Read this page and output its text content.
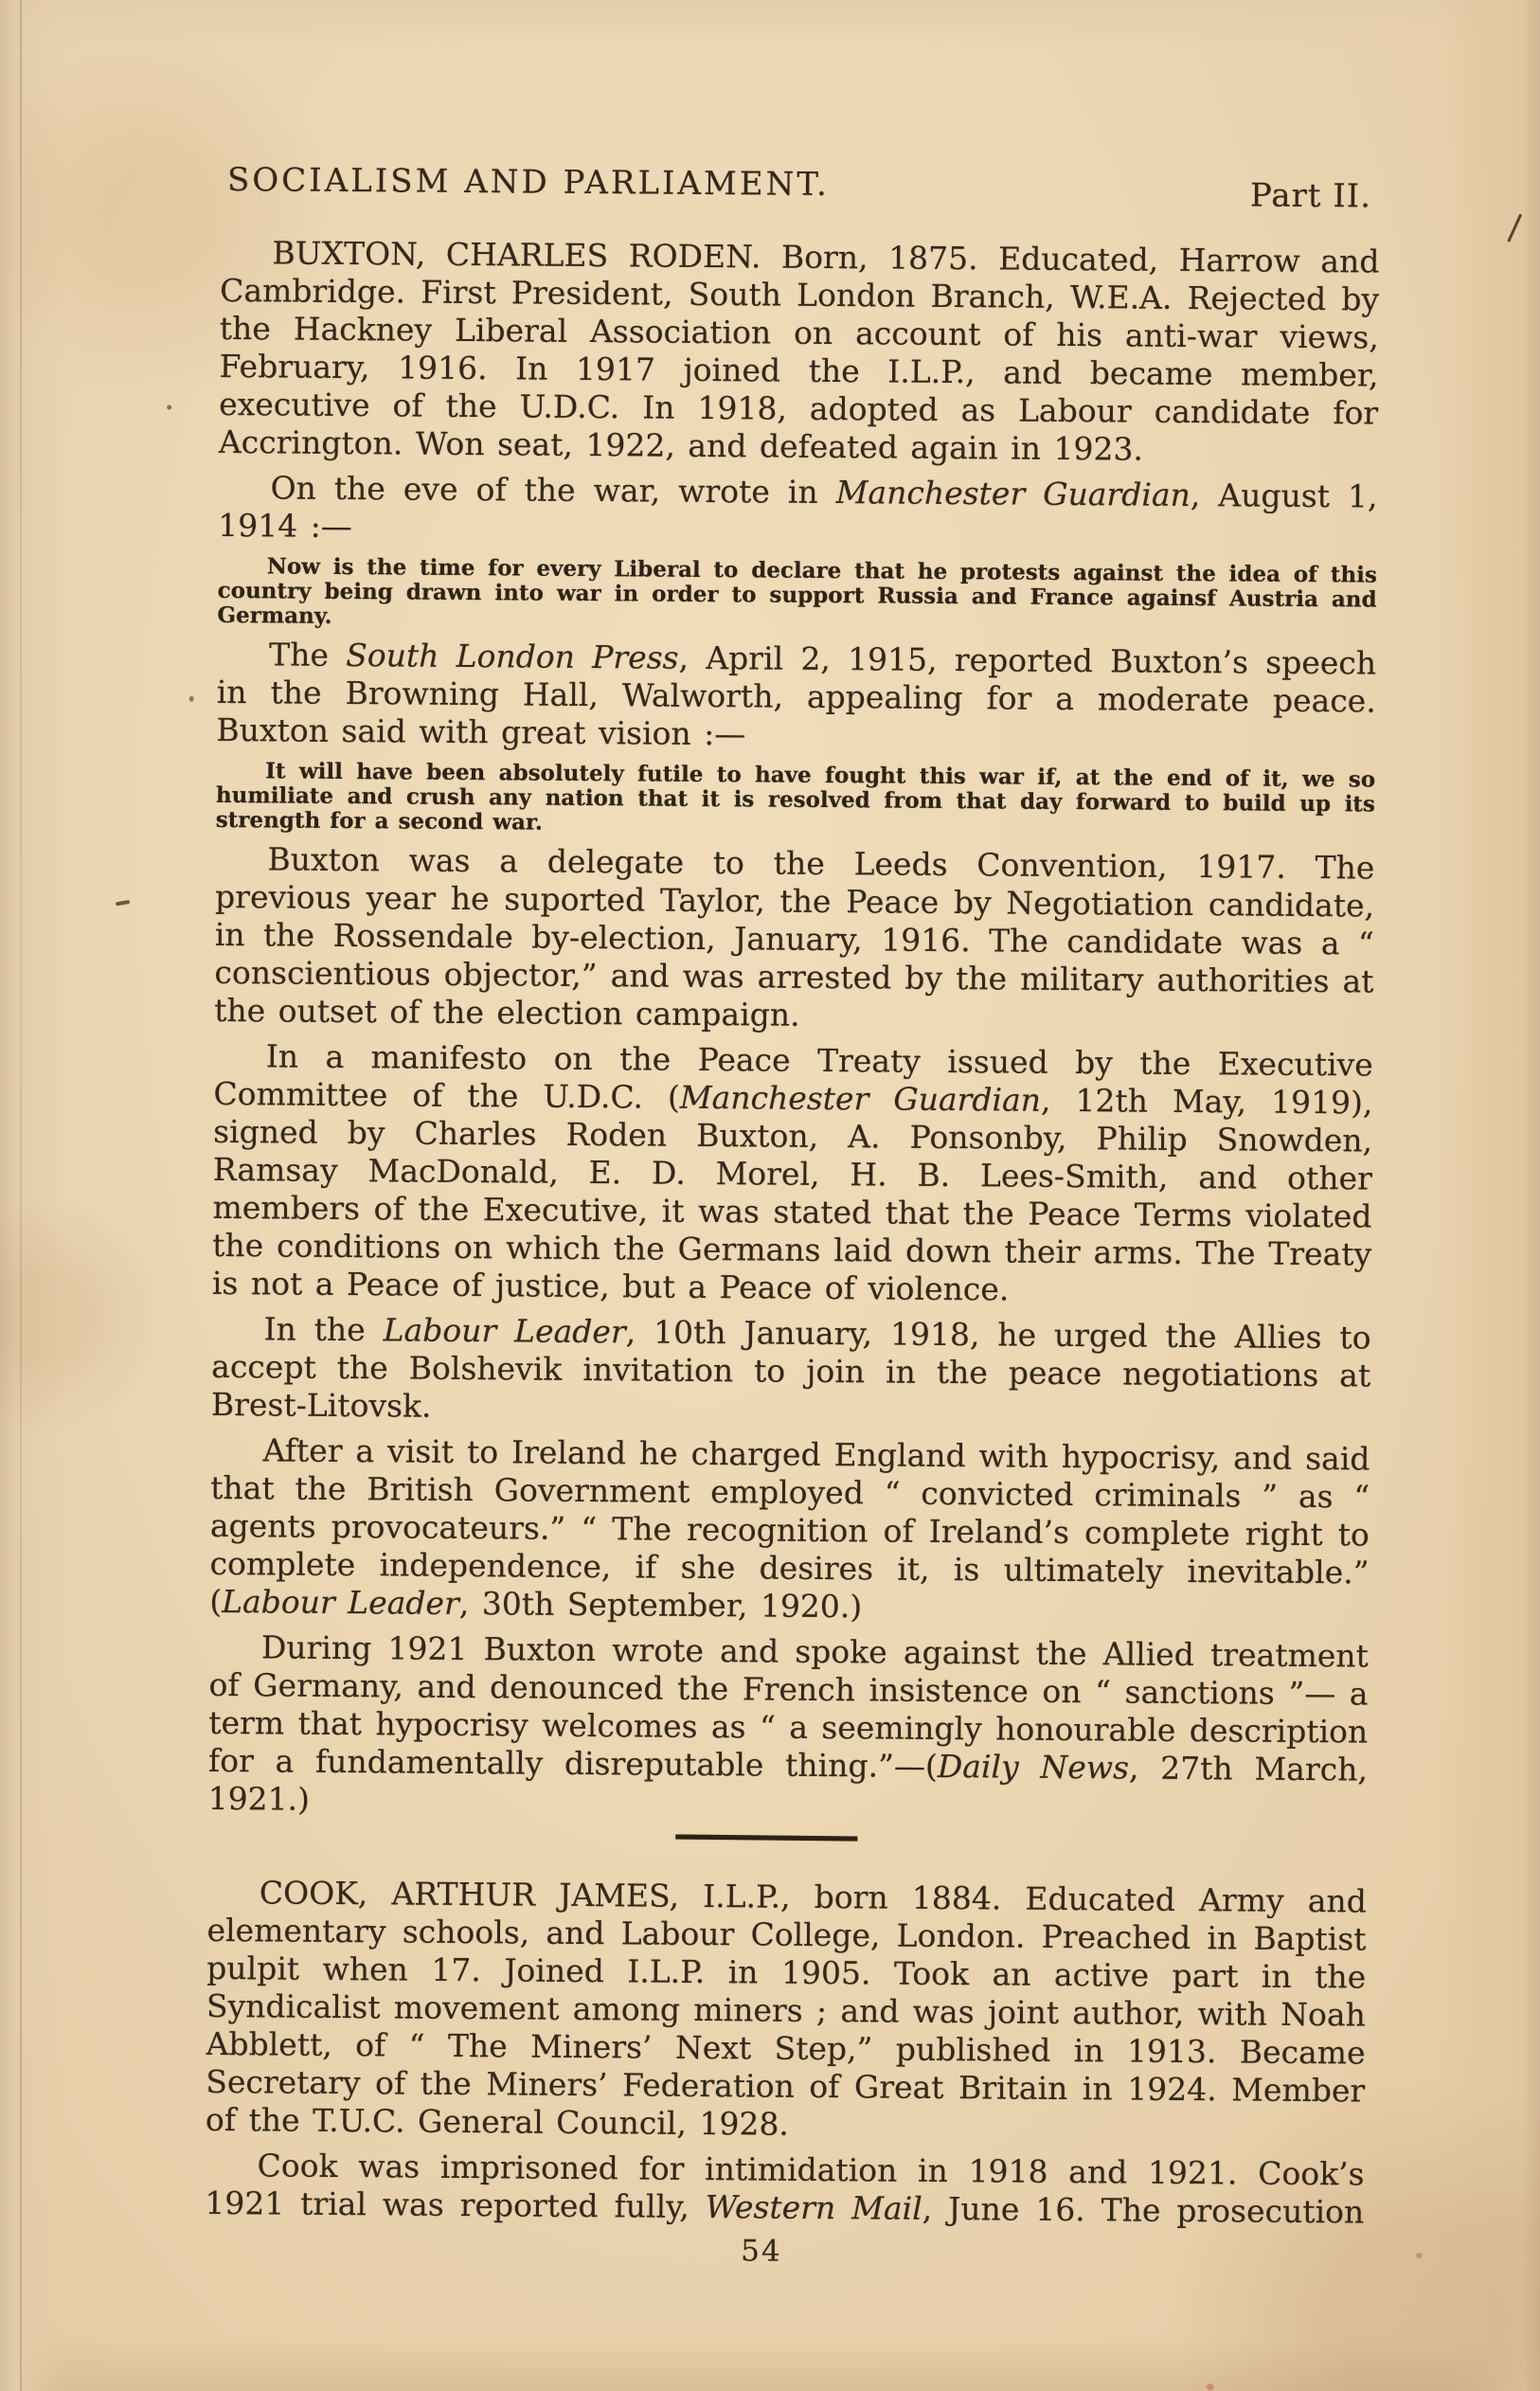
SOCIALISM AND PARLIAMENT.	Part II.

BUXTON, CHARLES RODEN. Born, 1875. Educated, Harrow and Cambridge. First President, South London Branch, W.E.A. Rejected by the Hackney Liberal Association on account of his anti-war views, February, 1916. In 1917 joined the I.L.P., and became member, executive of the U.D.C. In 1918, adopted as Labour candidate for Accrington. Won seat, 1922, and defeated again in 1923.

On the eve of the war, wrote in Manchester Guardian, August 1, 1914 :—

Now is the time for every Liberal to declare that he protests against the idea of this country being drawn into war in order to support Russia and France againsf Austria and Germany.

The South London Press, April 2, 1915, reported Buxton’s speech in the Browning Hall, Walworth, appealing for a moderate peace. Buxton said with great vision :—

It will have been absolutely futile to have fought this war if, at the end of it, we so humiliate and crush any nation that it is resolved from that day forward to build up its strength for a second war.

Buxton was a delegate to the Leeds Convention, 1917. The previous year he suported Taylor, the Peace by Negotiation candidate, in the Rossendale by-election, January, 1916. The candidate was a “ conscientious objector,” and was arrested by the military authorities at the outset of the election campaign.

In a manifesto on the Peace Treaty issued by the Executive Committee of the U.D.C. (Manchester Guardian, 12th May, 1919), signed by Charles Roden Buxton, A. Ponsonby, Philip Snowden, Ramsay MacDonald, E. D. Morel, H. B. Lees-Smith, and other members of the Executive, it was stated that the Peace Terms violated the conditions on which the Germans laid down their arms. The Treaty is not a Peace of justice, but a Peace of violence.

In the Labour Leader, 10th January, 1918, he urged the Allies to accept the Bolshevik invitation to join in the peace negotiations at Brest-Litovsk.

After a visit to Ireland he charged England with hypocrisy, and said that the British Government employed “ convicted criminals ” as “ agents provocateurs.” “ The recognition of Ireland’s complete right to complete independence, if she desires it, is ultimately inevitable.” (Labour Leader, 30th September, 1920.)

During 1921 Buxton wrote and spoke against the Allied treatment of Germany, and denounced the French insistence on “ sanctions ”— a term that hypocrisy welcomes as “ a seemingly honourable description for a fundamentally disreputable thing.”—(Daily News, 27th March, 1921.)

COOK, ARTHUR JAMES, I.L.P., born 1884. Educated Army and elementary schools, and Labour College, London. Preached in Baptist pulpit when 17. Joined I.L.P. in 1905. Took an active part in the Syndicalist movement among miners ; and was joint author, with Noah Abblett, of “ The Miners’ Next Step,” published in 1913. Became Secretary of the Miners’ Federation of Great Britain in 1924. Member of the T.U.C. General Council, 1928.

Cook was imprisoned for intimidation in 1918 and 1921. Cook’s 1921 trial was reported fully, Western Mail, June 16. The prosecution

54
